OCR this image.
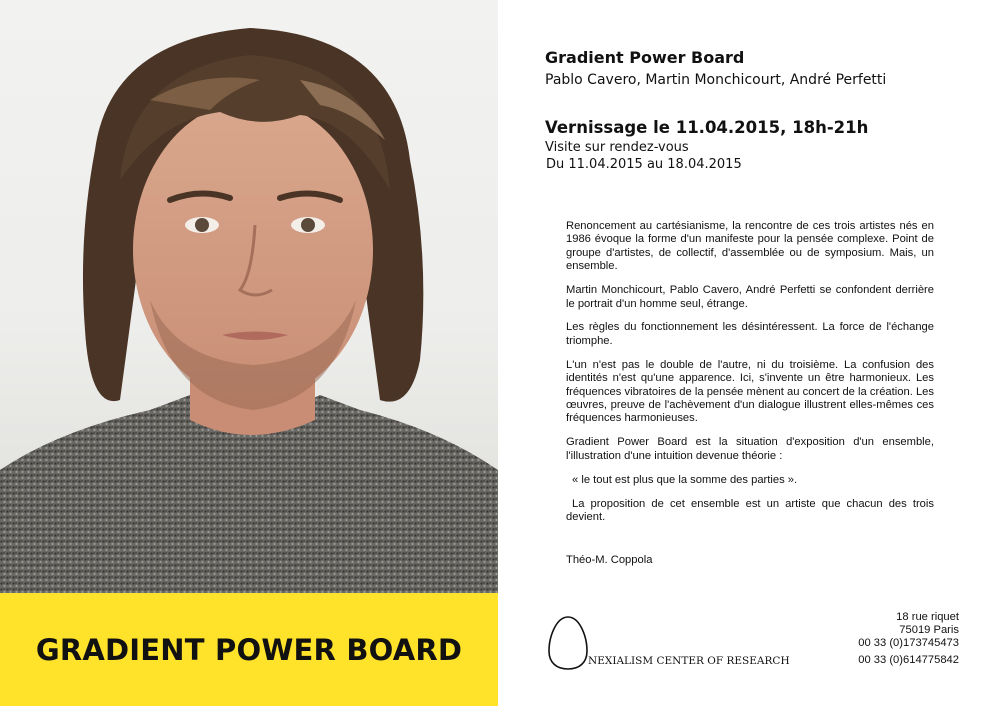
GRADIENT POWER BOARD
Gradient Power Board
Pablo Cavero, Martin Monchicourt, André Perfetti
Vernissage le 11.04.2015, 18h-21h
Visite sur rendez-vous
Du 11.04.2015 au 18.04.2015

Renoncement au cartésianisme, la rencontre de ces trois artistes nés en 1986 évoque la forme d'un manifeste pour la pensée complexe. Point de groupe d'artistes, de collectif, d'assemblée ou de symposium. Mais, un ensemble.

Martin Monchicourt, Pablo Cavero, André Perfetti se confondent derrière le portrait d'un homme seul, étrange.

Les règles du fonctionnement les désintéressent. La force de l'échange triomphe.

L'un n'est pas le double de l'autre, ni du troisième. La confusion des identités n'est qu'une apparence. Ici, s'invente un être harmonieux. Les fréquences vibratoires de la pensée mènent au concert de la création. Les œuvres, preuve de l'achèvement d'un dialogue illustrent elles-mêmes ces fréquences harmonieuses.

Gradient Power Board est la situation d'exposition d'un ensemble, l'illustration d'une intuition devenue théorie :

« le tout est plus que la somme des parties ».

La proposition de cet ensemble est un artiste que chacun des trois devient.

Théo-M. Coppola
NEXIALISM CENTER OF RESEARCH
18 rue riquet
75019 Paris
00 33 (0)173745473
00 33 (0)614775842
